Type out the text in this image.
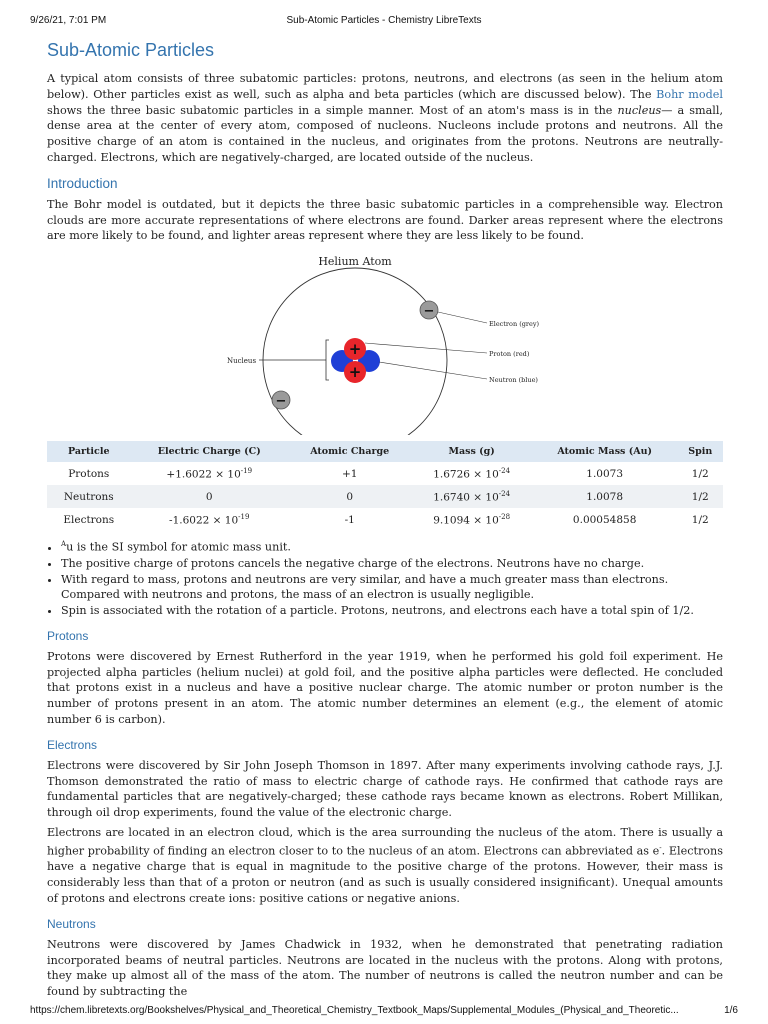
9/26/21, 7:01 PM	Sub-Atomic Particles - Chemistry LibreTexts
Sub-Atomic Particles

A typical atom consists of three subatomic particles: protons, neutrons, and electrons (as seen in the helium atom below). Other particles exist as well, such as alpha and beta particles (which are discussed below). The Bohr model shows the three basic subatomic particles in a simple manner. Most of an atom's mass is in the nucleus— a small, dense area at the center of every atom, composed of nucleons. Nucleons include protons and neutrons. All the positive charge of an atom is contained in the nucleus, and originates from the protons. Neutrons are neutrally-charged. Electrons, which are negatively-charged, are located outside of the nucleus.

Introduction

The Bohr model is outdated, but it depicts the three basic subatomic particles in a comprehensible way. Electron clouds are more accurate representations of where electrons are found. Darker areas represent where the electrons are more likely to be found, and lighter areas represent where they are less likely to be found.

Helium Atom
Nucleus
+
+
−
−
Electron (grey)
Proton (red)
Neutron (blue)
Particle	Electric Charge (C)	Atomic Charge	Mass (g)	Atomic Mass (Au)	Spin
Protons	$+1.6022 \times 10^{-19}$	+1	$1.6726 \times 10^{-24}$	1.0073	1/2
Neutrons	0	0	$1.6740 \times 10^{-24}$	1.0078	1/2
Electrons	$-1.6022 \times 10^{-19}$	-1	$9.1094 \times 10^{-28}$	0.00054858	1/2
• $^A$u is the SI symbol for atomic mass unit.
• The positive charge of protons cancels the negative charge of the electrons. Neutrons have no charge.
• With regard to mass, protons and neutrons are very similar, and have a much greater mass than electrons. Compared with neutrons and protons, the mass of an electron is usually negligible.
• Spin is associated with the rotation of a particle. Protons, neutrons, and electrons each have a total spin of 1/2.
Protons

Protons were discovered by Ernest Rutherford in the year 1919, when he performed his gold foil experiment. He projected alpha particles (helium nuclei) at gold foil, and the positive alpha particles were deflected. He concluded that protons exist in a nucleus and have a positive nuclear charge. The atomic number or proton number is the number of protons present in an atom. The atomic number determines an element (e.g., the element of atomic number 6 is carbon).

Electrons

Electrons were discovered by Sir John Joseph Thomson in 1897. After many experiments involving cathode rays, J.J. Thomson demonstrated the ratio of mass to electric charge of cathode rays. He confirmed that cathode rays are fundamental particles that are negatively-charged; these cathode rays became known as electrons. Robert Millikan, through oil drop experiments, found the value of the electronic charge.

Electrons are located in an electron cloud, which is the area surrounding the nucleus of the atom. There is usually a higher probability of finding an electron closer to to the nucleus of an atom. Electrons can abbreviated as e-. Electrons have a negative charge that is equal in magnitude to the positive charge of the protons. However, their mass is considerably less than that of a proton or neutron (and as such is usually considered insignificant). Unequal amounts of protons and electrons create ions: positive cations or negative anions.

Neutrons

Neutrons were discovered by James Chadwick in 1932, when he demonstrated that penetrating radiation incorporated beams of neutral particles. Neutrons are located in the nucleus with the protons. Along with protons, they make up almost all of the mass of the atom. The number of neutrons is called the neutron number and can be found by subtracting the

https://chem.libretexts.org/Bookshelves/Physical_and_Theoretical_Chemistry_Textbook_Maps/Supplemental_Modules_(Physical_and_Theoretic...	1/6
